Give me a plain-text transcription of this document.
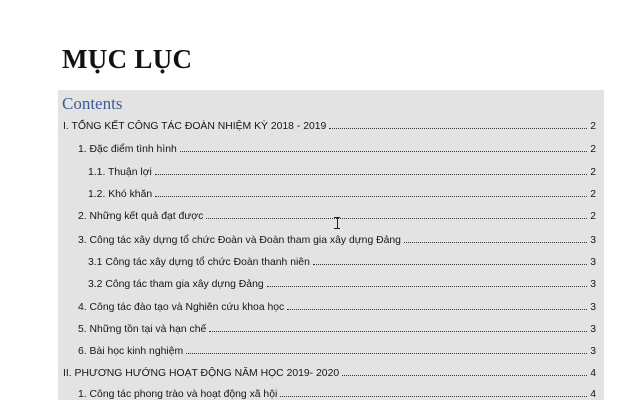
MỤC LỤC
Contents
I. TỔNG KẾT CÔNG TÁC ĐOÀN NHIỆM KỲ 2018 - 2019	2
1. Đặc điểm tình hình	2
1.1. Thuận lợi	2
1.2. Khó khăn	2
2. Những kết quả đạt được	2
3. Công tác xây dựng tổ chức Đoàn và Đoàn tham gia xây dựng Đảng	3
3.1 Công tác xây dựng tổ chức Đoàn thanh niên	3
3.2 Công tác tham gia xây dựng Đảng	3
4. Công tác đào tạo và Nghiên cứu khoa học	3
5. Những tồn tại và hạn chế	3
6. Bài học kinh nghiệm	3
II. PHƯƠNG HƯỚNG HOẠT ĐỘNG NĂM HỌC 2019- 2020	4
1. Công tác phong trào và hoạt động xã hội	4
